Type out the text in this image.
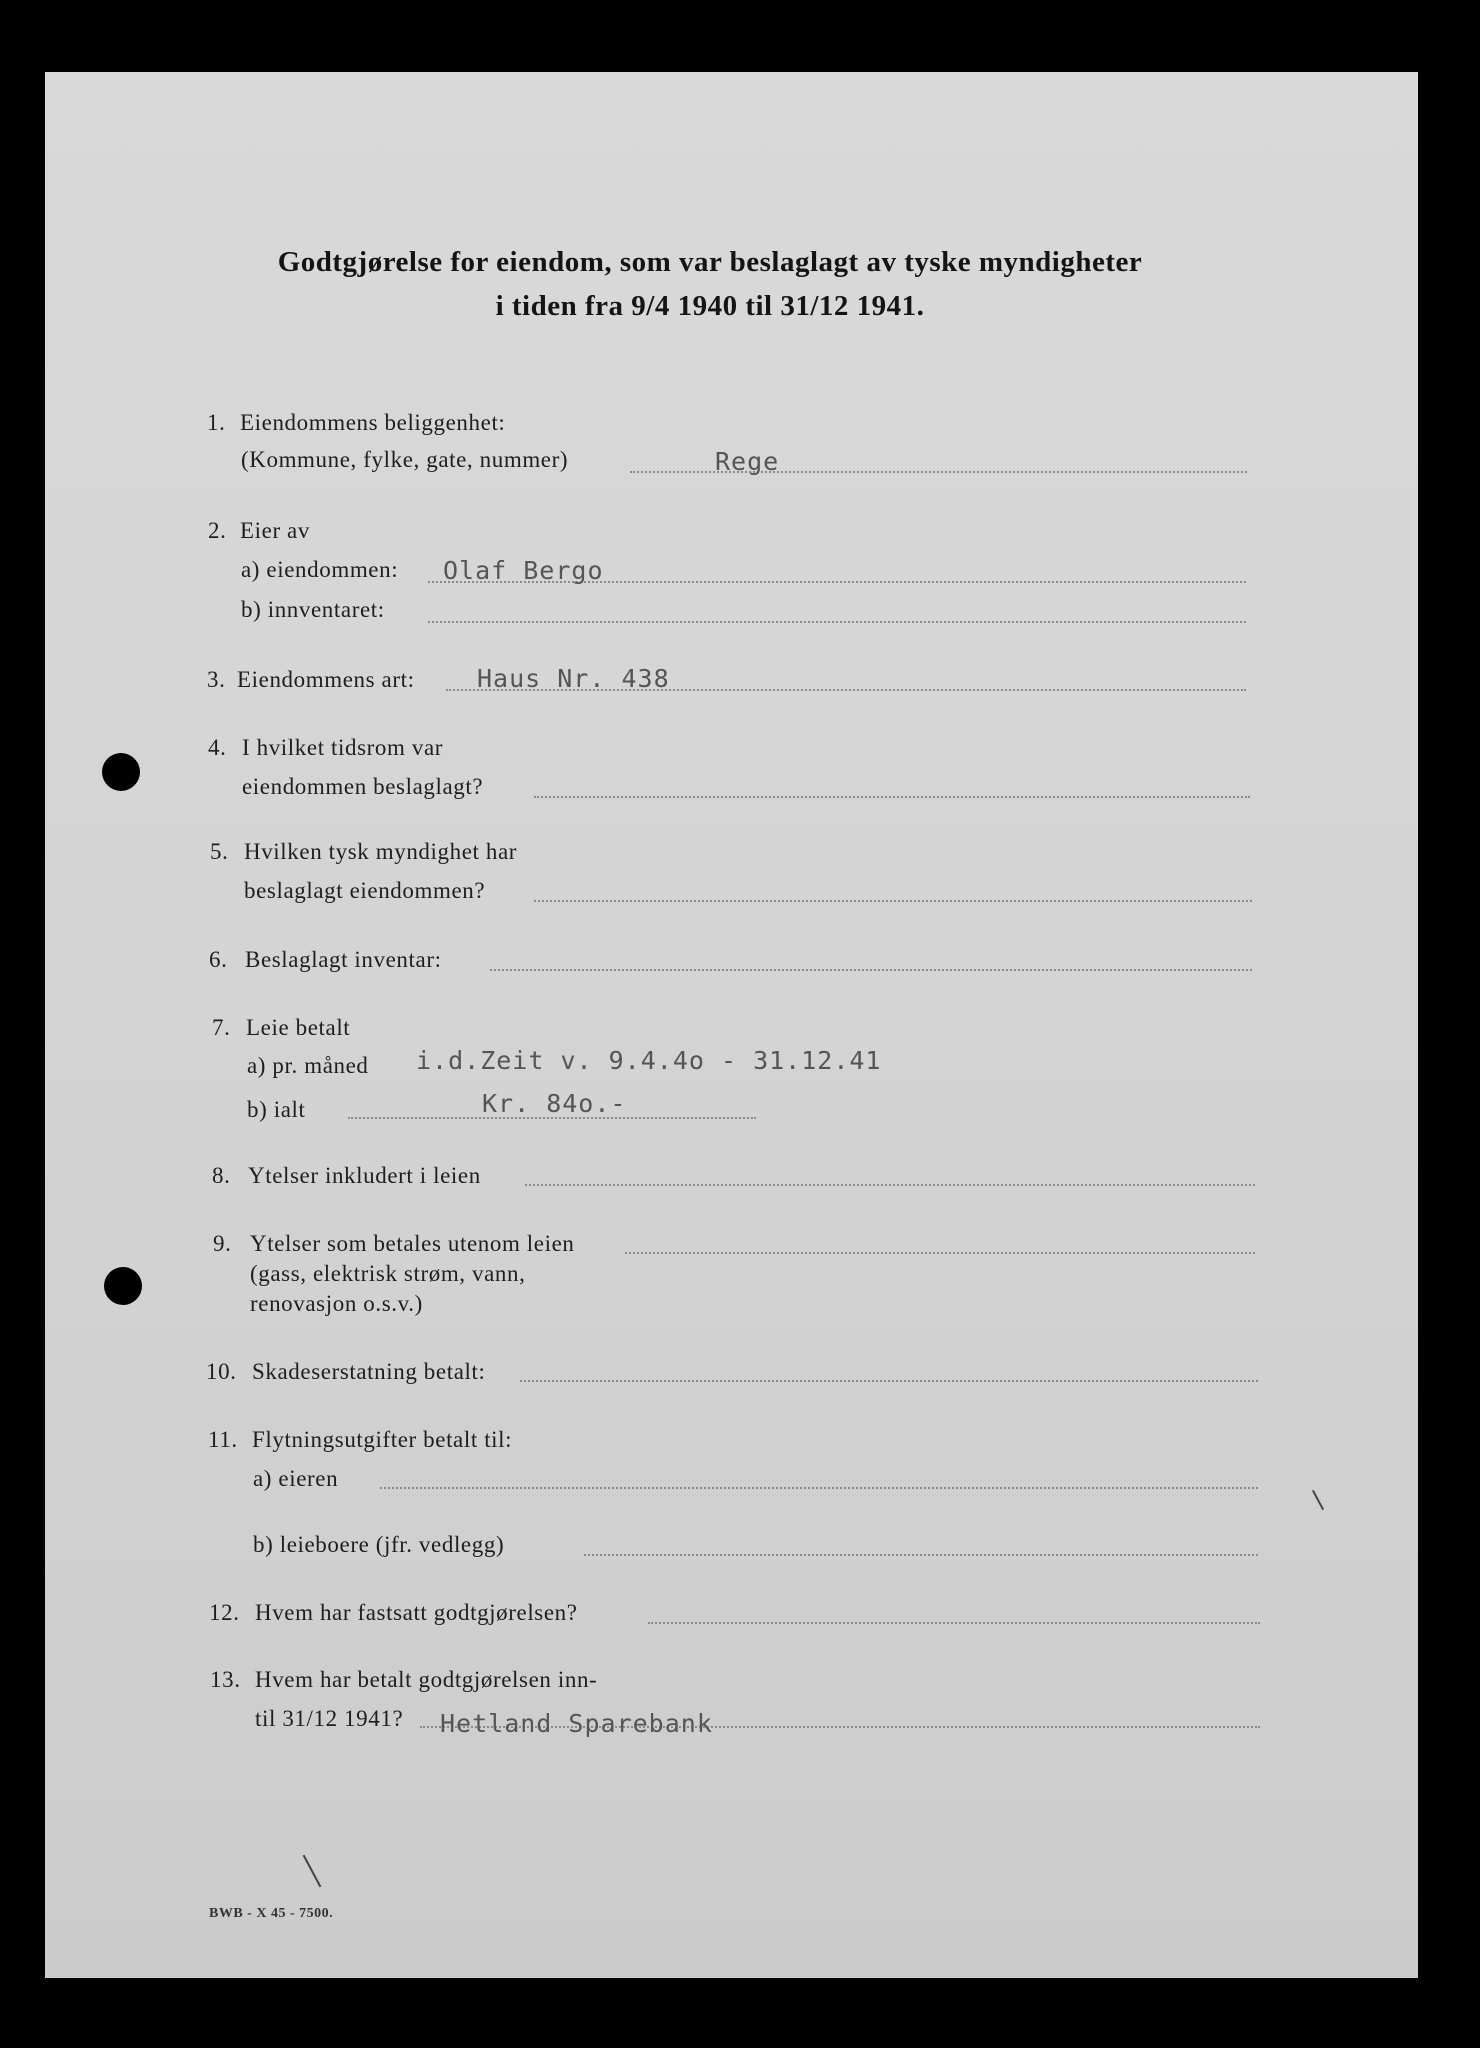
Godtgjørelse for eiendom, som var beslaglagt av tyske myndigheter
i tiden fra 9/4 1940 til 31/12 1941.
1. Eiendommens beliggenhet:
(Kommune, fylke, gate, nummer)	Rege
2. Eier av
a) eiendommen: Olaf Bergo
b) innventaret:
3. Eiendommens art: Haus Nr. 438
4. I hvilket tidsrom var
eiendommen beslaglagt?
5. Hvilken tysk myndighet har
beslaglagt eiendommen?
6. Beslaglagt inventar:
7. Leie betalt
a) pr. måned i.d.Zeit v. 9.4.4o - 31.12.41
b) ialt	Kr. 84o.-
8. Ytelser inkludert i leien
9. Ytelser som betales utenom leien
(gass, elektrisk strøm, vann,
renovasjon o.s.v.)
10. Skadeserstatning betalt:
11. Flytningsutgifter betalt til:
a) eieren
b) leieboere (jfr. vedlegg)
12. Hvem har fastsatt godtgjørelsen?
13. Hvem har betalt godtgjørelsen inn-
til 31/12 1941? Hetland Sparebank
BWB - X 45 - 7500.
